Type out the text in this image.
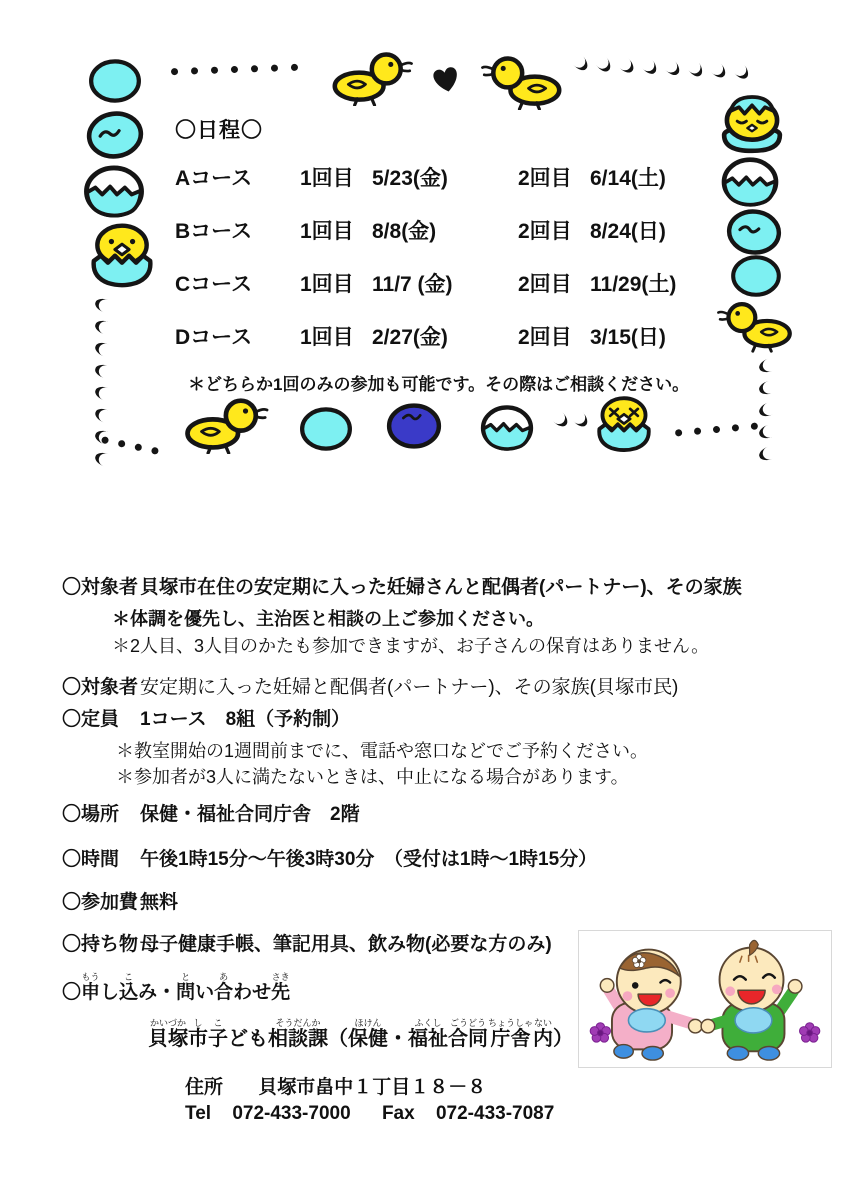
〇日程〇
Aコース	1回目 5/23(金)	2回目 6/14(土)
Bコース	1回目 8/8(金)	2回目 8/24(日)
Cコース	1回目 11/7 (金)	2回目 11/29(土)
Dコース	1回目 2/27(金)	2回目 3/15(日)
＊どちらか1回のみの参加も可能です。その際はご相談ください。
〇対象者 貝塚市在住の安定期に入った妊婦さんと配偶者(パートナー)、その家族
＊体調を優先し、主治医と相談の上ご参加ください。
＊2人目、3人目のかたも参加できますが、お子さんの保育はありません。
〇対象者 安定期に入った妊婦と配偶者(パートナー)、その家族(貝塚市民)
〇定員	1コース　8組（予約制）
＊教室開始の1週間前までに、電話や窓口などでご予約ください。
＊参加者が3人に満たないときは、中止になる場合があります。
〇場所	保健・福祉合同庁舎　2階
〇時間	午後1時15分～午後3時30分　（受付は1時～1時15分）
〇参加費 無料
〇持ち物 母子健康手帳、筆記用具、飲み物(必要な方のみ)
〇申もうし込こみ・問とい合あわせ先さき
貝塚かいづか市し子こども相談課そうだんか（保健ほけん・福祉ふくし合同ごうどう庁舎ちょうしゃ内ない）
住所 貝塚市畠中１丁目１８－８
Tel 072-433-7000 Fax 072-433-7087
